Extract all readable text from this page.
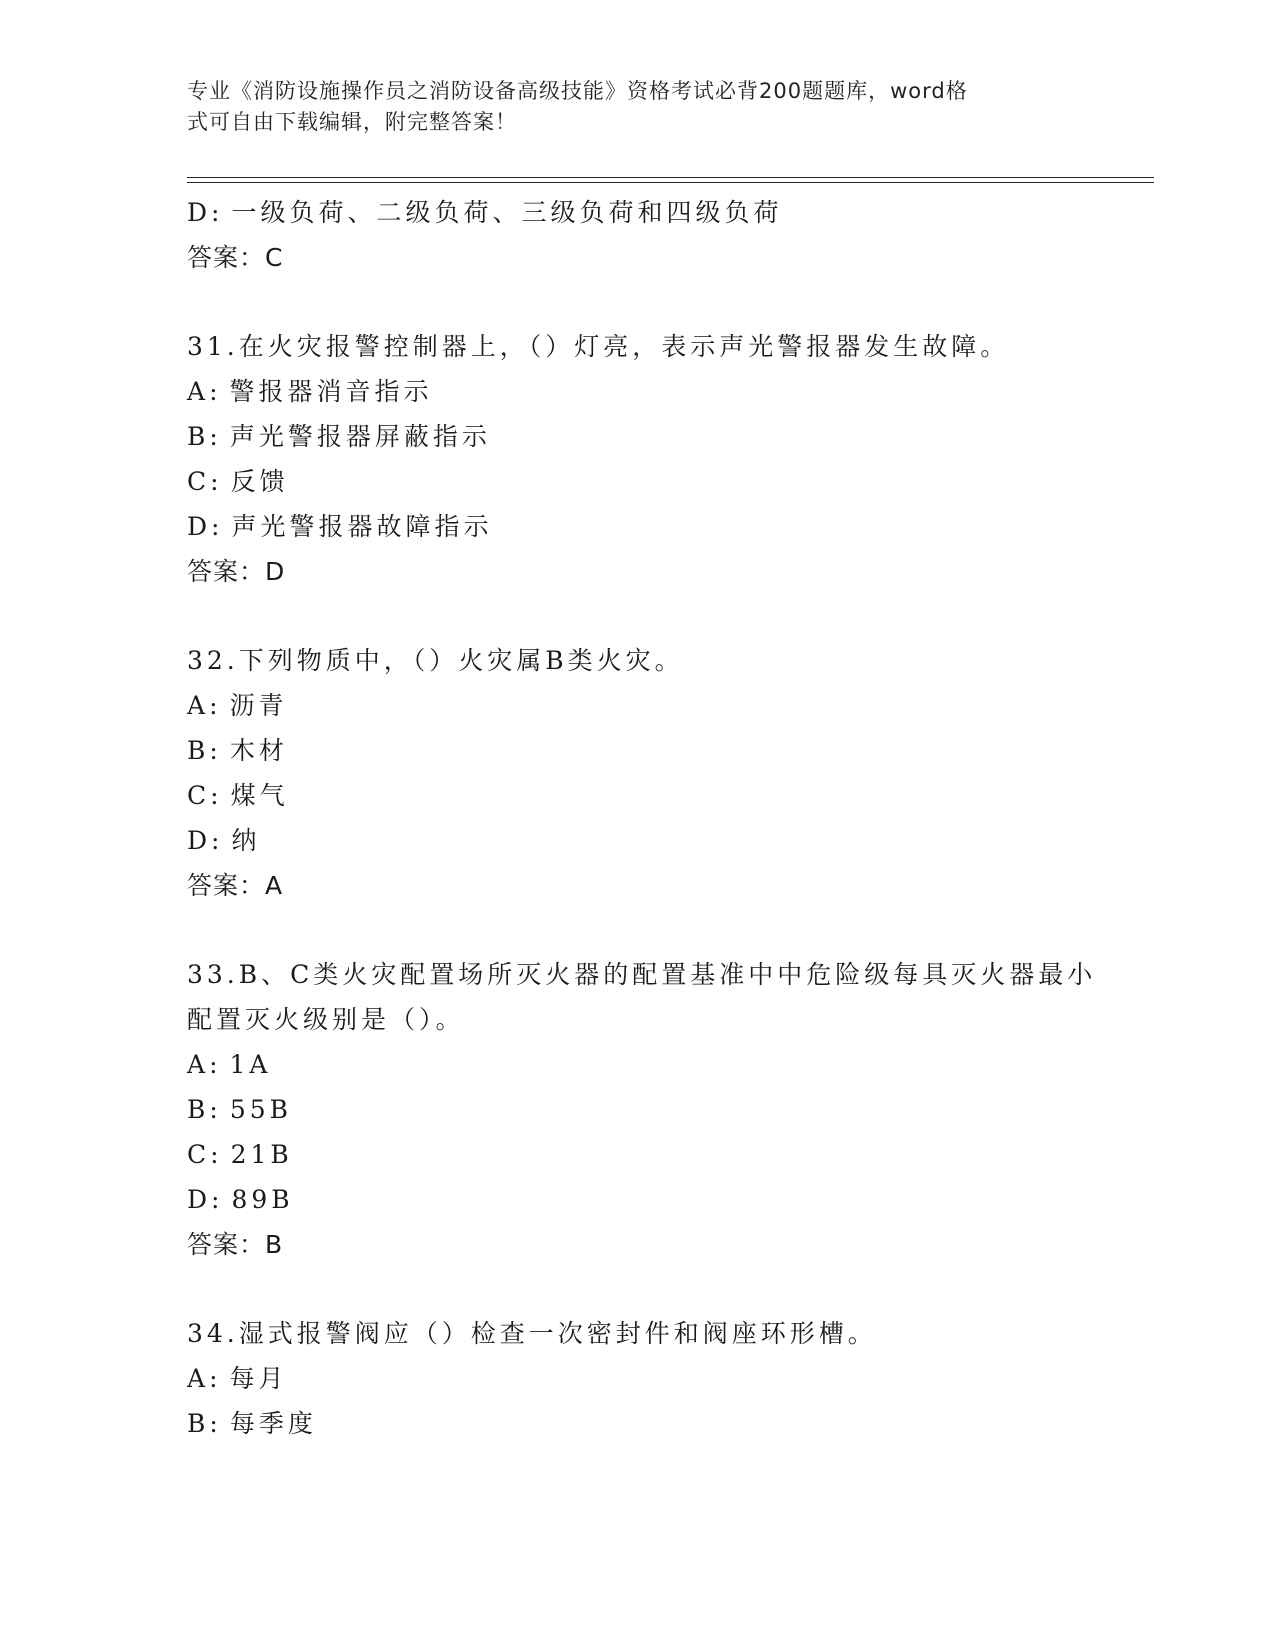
专业《消防设施操作员之消防设备高级技能》资格考试必背200题题库，word格
式可自由下载编辑，附完整答案！
D: 一级负荷、二级负荷、三级负荷和四级负荷
答案：C
31.在火灾报警控制器上，（）灯亮，表示声光警报器发生故障。
A: 警报器消音指示
B: 声光警报器屏蔽指示
C: 反馈
D: 声光警报器故障指示
答案：D
32.下列物质中，（）火灾属B类火灾。
A: 沥青
B: 木材
C: 煤气
D: 纳
答案：A
33.B、C类火灾配置场所灭火器的配置基准中中危险级每具灭火器最小
配置灭火级别是（）。
A: 1A
B: 55B
C: 21B
D: 89B
答案：B
34.湿式报警阀应（）检查一次密封件和阀座环形槽。
A: 每月
B: 每季度
